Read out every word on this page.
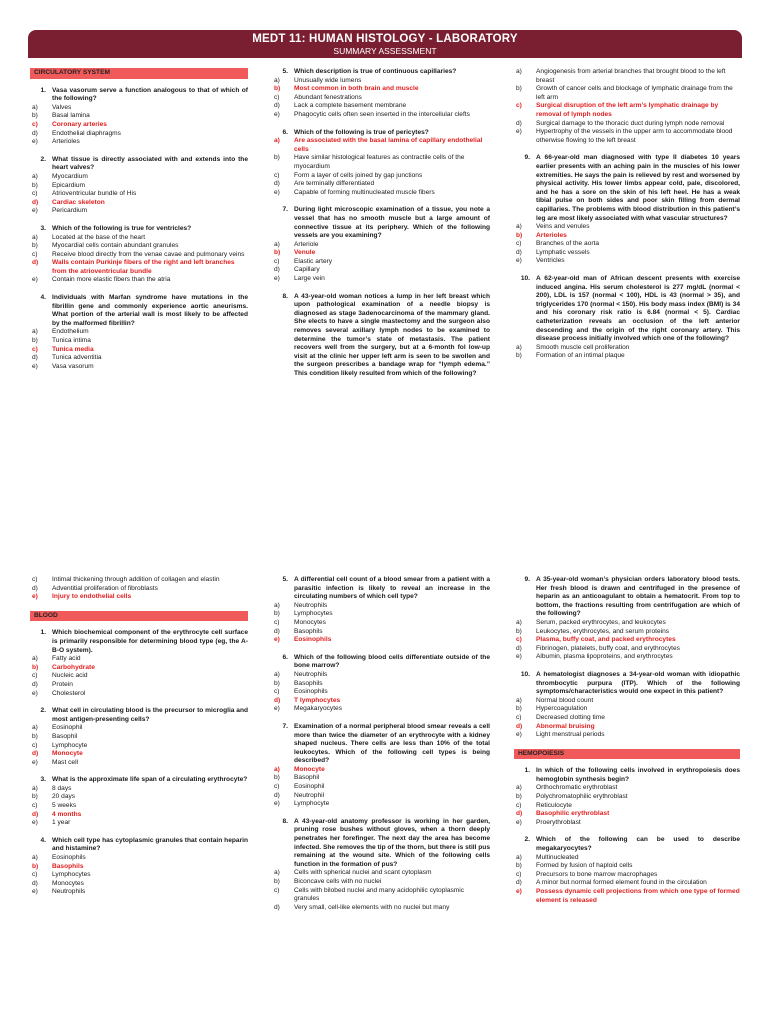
MEDT 11: HUMAN HISTOLOGY - LABORATORY
SUMMARY ASSESSMENT
CIRCULATORY SYSTEM
1. Vasa vasorum serve a function analogous to that of which of the following?
a)	Valves
b)	Basal lamina
c)	Coronary arteries
d)	Endothelial diaphragms
e)	Arterioles
2. What tissue is directly associated with and extends into the heart valves?
a)	Myocardium
b)	Epicardium
c)	Atrioventricular bundle of His
d)	Cardiac skeleton
e)	Pericardium
3. Which of the following is true for ventricles?
a)	Located at the base of the heart
b)	Myocardial cells contain abundant granules
c)	Receive blood directly from the venae cavae and pulmonary veins
d)	Walls contain Purkinje fibers of the right and left branches from the atrioventricular bundle
e)	Contain more elastic fibers than the atria
4. Individuals with Marfan syndrome have mutations in the fibrillin gene and commonly experience aortic aneurisms. What portion of the arterial wall is most likely to be affected by the malformed fibrillin?
a)	Endothelium
b)	Tunica intima
c)	Tunica media
d)	Tunica adventitia
e)	Vasa vasorum
5. Which description is true of continuous capillaries?
a)	Unusually wide lumens
b)	Most common in both brain and muscle
c)	Abundant fenestrations
d)	Lack a complete basement membrane
e)	Phagocytic cells often seen inserted in the intercellular clefts
6. Which of the following is true of pericytes?
a)	Are associated with the basal lamina of capillary endothelial cells
b)	Have similar histological features as contractile cells of the myocardium
c)	Form a layer of cells joined by gap junctions
d)	Are terminally differentiated
e)	Capable of forming multinucleated muscle fibers
7. During light microscopic examination of a tissue, you note a vessel that has no smooth muscle but a large amount of connective tissue at its periphery. Which of the following vessels are you examining?
a)	Arteriole
b)	Venule
c)	Elastic artery
d)	Capillary
e)	Large vein
8. A 43-year-old woman notices a lump in her left breast which upon pathological examination of a needle biopsy is diagnosed as stage 3adenocarcinoma of the mammary gland. She elects to have a single mastectomy and the surgeon also removes several axillary lymph nodes to be examined to determine the tumor’s state of metastasis. The patient recovers well from the surgery, but at a 6-month fol low-up visit at the clinic her upper left arm is seen to be swollen and the surgeon prescribes a bandage wrap for “lymph edema.” This condition likely resulted from which of the following?
a)	Angiogenesis from arterial branches that brought blood to the left breast
b)	Growth of cancer cells and blockage of lymphatic drainage from the left arm
c)	Surgical disruption of the left arm’s lymphatic drainage by removal of lymph nodes
d)	Surgical damage to the thoracic duct during lymph node removal
e)	Hypertrophy of the vessels in the upper arm to accommodate blood otherwise flowing to the left breast
9. A 66-year-old man diagnosed with type II diabetes 10 years earlier presents with an aching pain in the muscles of his lower extremities. He says the pain is relieved by rest and worsened by physical activity. His lower limbs appear cold, pale, discolored, and he has a sore on the skin of his left heel. He has a weak tibial pulse on both sides and poor skin filling from dermal capillaries. The problems with blood distribution in this patient’s leg are most likely associated with what vascular structures?
a)	Veins and venules
b)	Arterioles
c)	Branches of the aorta
d)	Lymphatic vessels
e)	Ventricles
10. A 62-year-old man of African descent presents with exercise induced angina. His serum cholesterol is 277 mg/dL (normal < 200), LDL is 157 (normal < 100), HDL is 43 (normal > 35), and triglycerides 170 (normal < 150). His body mass index (BMI) is 34 and his coronary risk ratio is 6.84 (normal < 5). Cardiac catheterization reveals an occlusion of the left anterior descending and the origin of the right coronary artery. This disease process initially involved which one of the following?
a)	Smooth muscle cell proliferation
b)	Formation of an intimal plaque
c)	Intimal thickening through addition of collagen and elastin
d)	Adventitial proliferation of fibroblasts
e)	Injury to endothelial cells
BLOOD
1. Which biochemical component of the erythrocyte cell surface is primarily responsible for determining blood type (eg, the A-B-O system).
a)	Fatty acid
b)	Carbohydrate
c)	Nucleic acid
d)	Protein
e)	Cholesterol
2. What cell in circulating blood is the precursor to microglia and most antigen-presenting cells?
a)	Eosinophil
b)	Basophil
c)	Lymphocyte
d)	Monocyte
e)	Mast cell
3. What is the approximate life span of a circulating erythrocyte?
a)	8 days
b)	20 days
c)	5 weeks
d)	4 months
e)	1 year
4. Which cell type has cytoplasmic granules that contain heparin and histamine?
a)	Eosinophils
b)	Basophils
c)	Lymphocytes
d)	Monocytes
e)	Neutrophils
5. A differential cell count of a blood smear from a patient with a parasitic infection is likely to reveal an increase in the circulating numbers of which cell type?
a)	Neutrophils
b)	Lymphocytes
c)	Monocytes
d)	Basophils
e)	Eosinophils
6. Which of the following blood cells differentiate outside of the bone marrow?
a)	Neutrophils
b)	Basophils
c)	Eosinophils
d)	T lymphocytes
e)	Megakaryocytes
7. Examination of a normal peripheral blood smear reveals a cell more than twice the diameter of an erythrocyte with a kidney shaped nucleus. There cells are less than 10% of the total leukocytes. Which of the following cell types is being described?
a)	Monocyte
b)	Basophil
c)	Eosinophil
d)	Neutrophil
e)	Lymphocyte
8. A 43-year-old anatomy professor is working in her garden, pruning rose bushes without gloves, when a thorn deeply penetrates her forefinger. The next day the area has become infected. She removes the tip of the thorn, but there is still pus remaining at the wound site. Which of the following cells function in the formation of pus?
a)	Cells with spherical nuclei and scant cytoplasm
b)	Biconcave cells with no nuclei
c)	Cells with bilobed nuclei and many acidophilic cytoplasmic granules
d)	Very small, cell-like elements with no nuclei but many
9. A 35-year-old woman’s physician orders laboratory blood tests. Her fresh blood is drawn and centrifuged in the presence of heparin as an anticoagulant to obtain a hematocrit. From top to bottom, the fractions resulting from centrifugation are which of the following?
a)	Serum, packed erythrocytes, and leukocytes
b)	Leukocytes, erythrocytes, and serum proteins
c)	Plasma, buffy coat, and packed erythrocytes
d)	Fibrinogen, platelets, buffy coat, and erythrocytes
e)	Albumin, plasma lipoproteins, and erythrocytes
10. A hematologist diagnoses a 34-year-old woman with idiopathic thrombocytic purpura (ITP). Which of the following symptoms/characteristics would one expect in this patient?
a)	Normal blood count
b)	Hypercoagulation
c)	Decreased clotting time
d)	Abnormal bruising
e)	Light menstrual periods
HEMOPOIESIS
1. In which of the following cells involved in erythropoiesis does hemoglobin synthesis begin?
a)	Orthochromatic erythroblast
b)	Polychromatophilic erythroblast
c)	Reticulocyte
d)	Basophilic erythroblast
e)	Proerythroblast
2. Which of the following can be used to describe megakaryocytes?
a)	Multinucleated
b)	Formed by fusion of haploid cells
c)	Precursors to bone marrow macrophages
d)	A minor but normal formed element found in the circulation
e)	Possess dynamic cell projections from which one type of formed element is released
